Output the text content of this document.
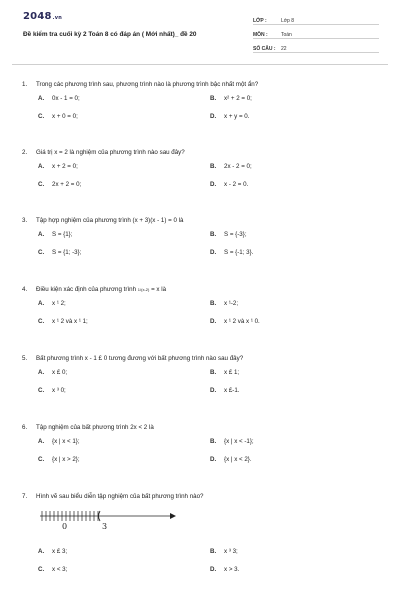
2048.vn
Đề kiểm tra cuối kỳ 2 Toán 8 có đáp án ( Mới nhất)_ đề 20
LỚP :	Lớp 8
MÔN :	Toán
SỐ CÂU :	22
1.	Trong các phương trình sau, phương trình nào là phương trình bậc nhất một ẩn?
A.	0x - 1 = 0;	B.	x² + 2 = 0;
C.	x + 0 = 0;	D.	x + y = 0.
2.	Giá trị x = 2 là nghiệm của phương trình nào sau đây?
A.	x + 2 = 0;	B.	2x - 2 = 0;
C.	2x + 2 = 0;	D.	x - 2 = 0.
3.	Tập hợp nghiệm của phương trình (x + 3)(x - 1) = 0 là
A.	S = {1};	B.	S = {-3};
C.	S = {1; -3};	D.	S = {-1; 3}.
4.	Điều kiện xác định của phương trình 1/(x-2) = x là
A.	x ¹ 2;	B.	x ¹-2;
C.	x ¹ 2 và x ¹ 1;	D.	x ¹ 2 và x ¹ 0.
5.	Bất phương trình x - 1 £ 0 tương đương với bất phương trình nào sau đây?
A.	x £ 0;	B.	x £ 1;
C.	x ³ 0;	D.	x £-1.
6.	Tập nghiệm của bất phương trình 2x < 2 là
A.	{x | x < 1};	B.	{x | x < -1};
C.	{x | x > 2};	D.	{x | x < 2}.
7.	Hình vẽ sau biểu diễn tập nghiệm của bất phương trình nào?
0	3
A.	x £ 3;	B.	x ³ 3;
C.	x < 3;	D.	x > 3.
